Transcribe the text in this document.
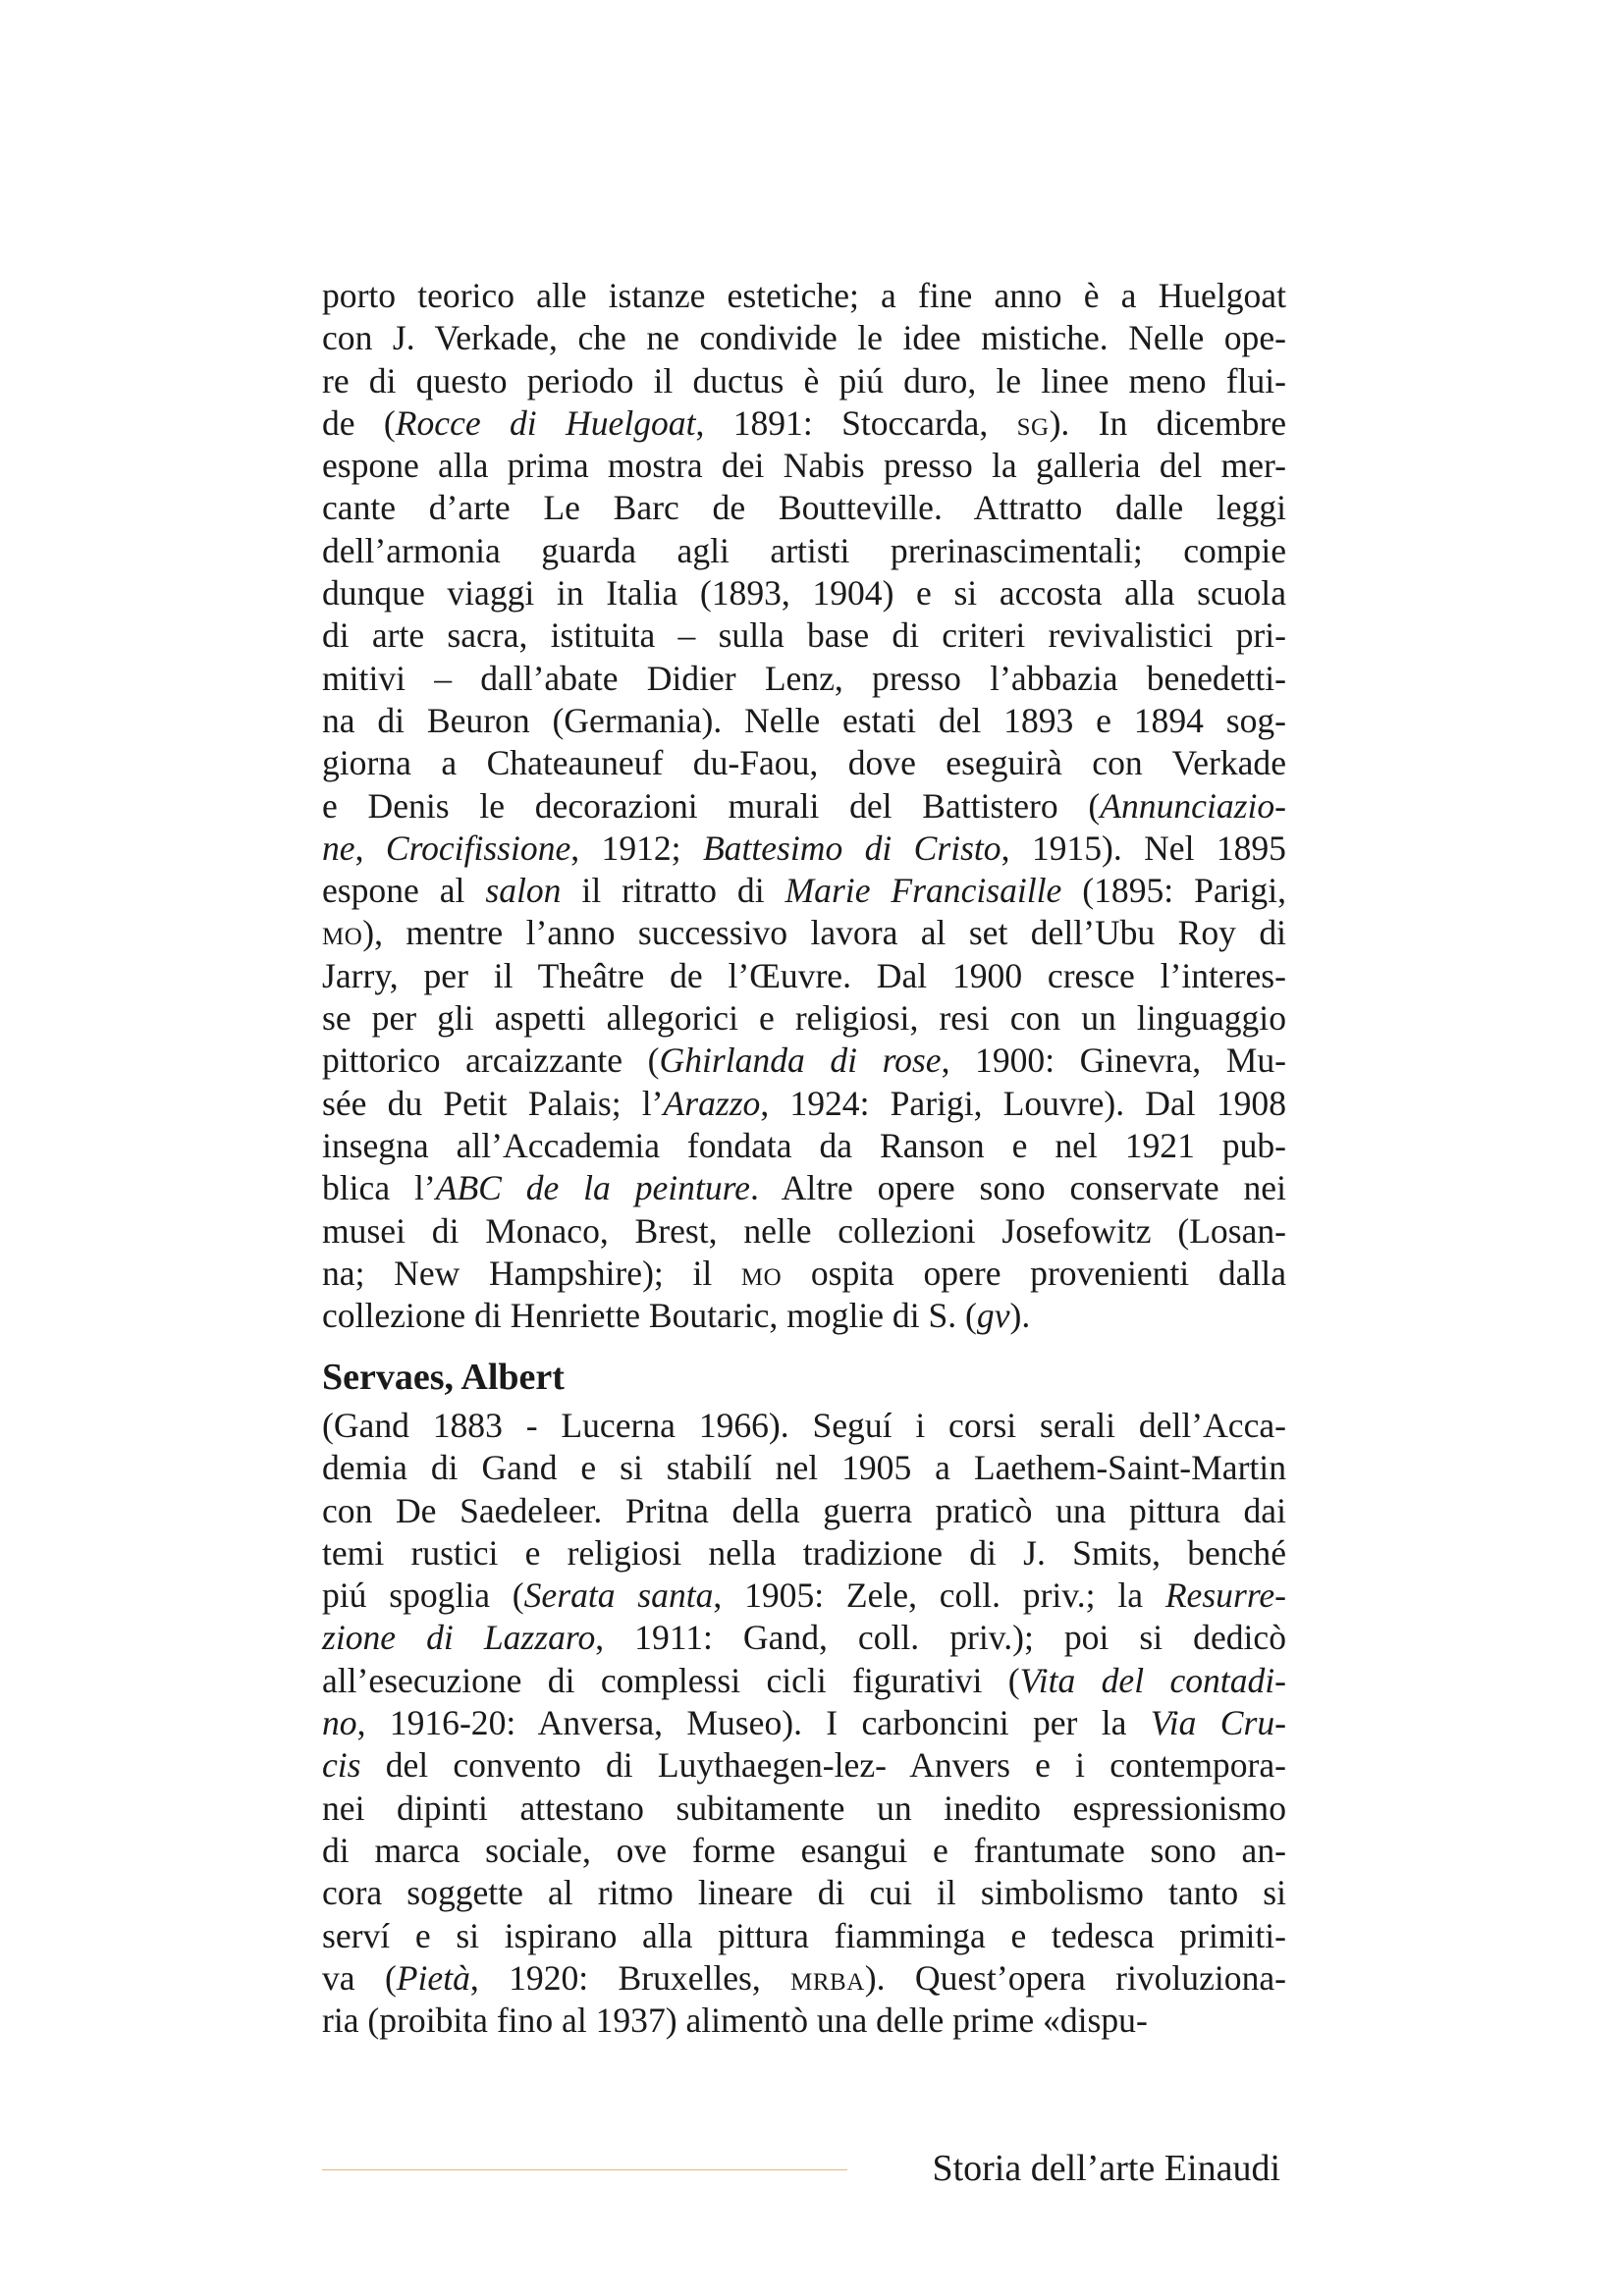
porto teorico alle istanze estetiche; a fine anno è a Huelgoat
con J. Verkade, che ne condivide le idee mistiche. Nelle ope-
re di questo periodo il ductus è piú duro, le linee meno flui-
de (Rocce di Huelgoat, 1891: Stoccarda, sg). In dicembre
espone alla prima mostra dei Nabis presso la galleria del mer-
cante d’arte Le Barc de Boutteville. Attratto dalle leggi
dell’armonia guarda agli artisti prerinascimentali; compie
dunque viaggi in Italia (1893, 1904) e si accosta alla scuola
di arte sacra, istituita – sulla base di criteri revivalistici pri-
mitivi – dall’abate Didier Lenz, presso l’abbazia benedetti-
na di Beuron (Germania). Nelle estati del 1893 e 1894 sog-
giorna a Chateauneuf du-Faou, dove eseguirà con Verkade
e Denis le decorazioni murali del Battistero (Annunciazio-
ne, Crocifissione, 1912; Battesimo di Cristo, 1915). Nel 1895
espone al salon il ritratto di Marie Francisaille (1895: Parigi,
mo), mentre l’anno successivo lavora al set dell’Ubu Roy di
Jarry, per il Theâtre de l’Œuvre. Dal 1900 cresce l’interes-
se per gli aspetti allegorici e religiosi, resi con un linguaggio
pittorico arcaizzante (Ghirlanda di rose, 1900: Ginevra, Mu-
sée du Petit Palais; l’Arazzo, 1924: Parigi, Louvre). Dal 1908
insegna all’Accademia fondata da Ranson e nel 1921 pub-
blica l’ABC de la peinture. Altre opere sono conservate nei
musei di Monaco, Brest, nelle collezioni Josefowitz (Losan-
na; New Hampshire); il mo ospita opere provenienti dalla
collezione di Henriette Boutaric, moglie di S. (gv).
Servaes, Albert
(Gand 1883 - Lucerna 1966). Seguí i corsi serali dell’Acca-
demia di Gand e si stabilí nel 1905 a Laethem-Saint-Martin
con De Saedeleer. Pritna della guerra praticò una pittura dai
temi rustici e religiosi nella tradizione di J. Smits, benché
piú spoglia (Serata santa, 1905: Zele, coll. priv.; la Resurre-
zione di Lazzaro, 1911: Gand, coll. priv.); poi si dedicò
all’esecuzione di complessi cicli figurativi (Vita del contadi-
no, 1916-20: Anversa, Museo). I carboncini per la Via Cru-
cis del convento di Luythaegen-lez- Anvers e i contempora-
nei dipinti attestano subitamente un inedito espressionismo
di marca sociale, ove forme esangui e frantumate sono an-
cora soggette al ritmo lineare di cui il simbolismo tanto si
serví e si ispirano alla pittura fiamminga e tedesca primiti-
va (Pietà, 1920: Bruxelles, mrba). Quest’opera rivoluziona-
ria (proibita fino al 1937) alimentò una delle prime «dispu-
Storia dell’arte Einaudi
